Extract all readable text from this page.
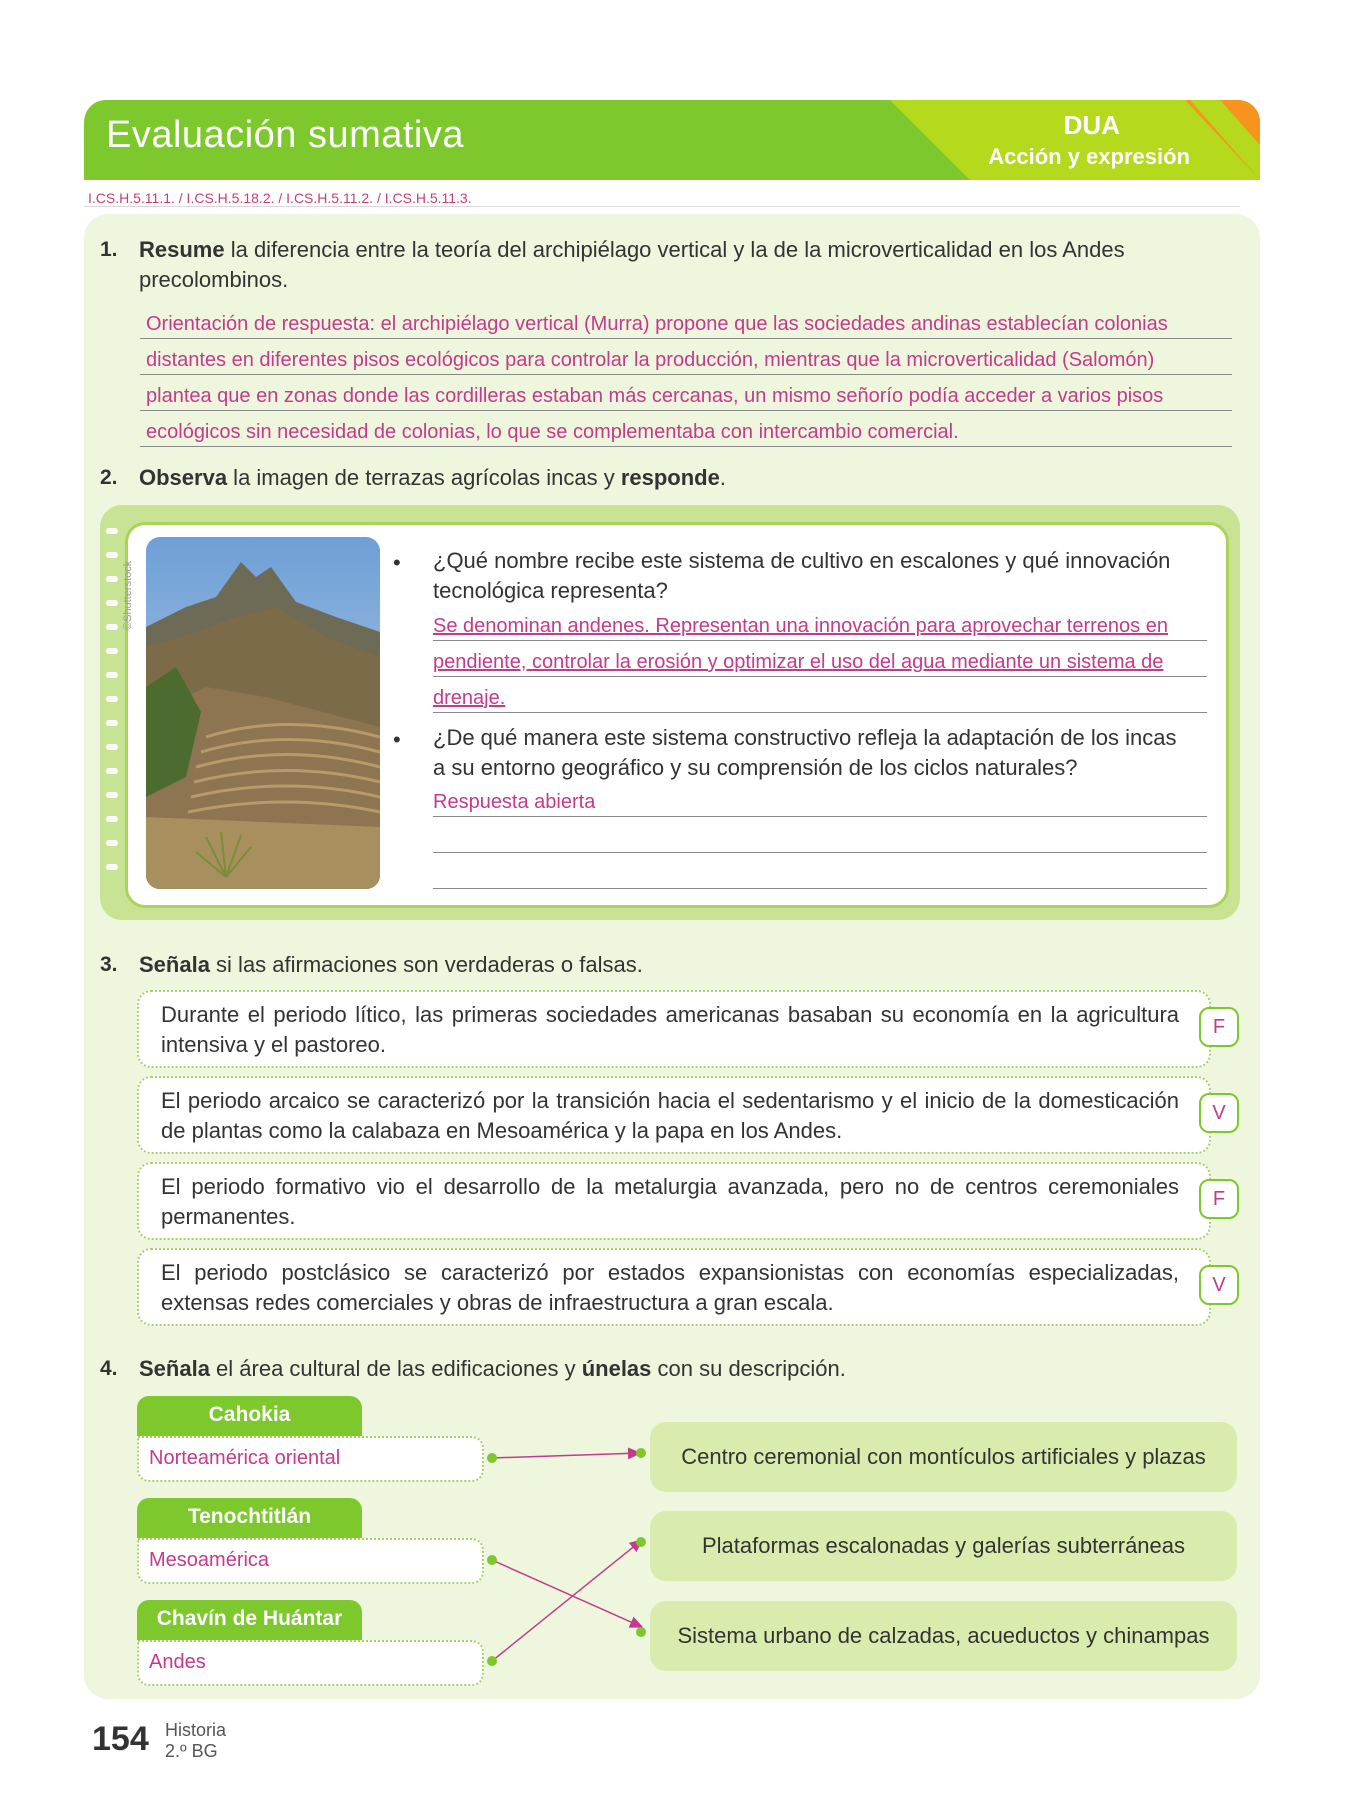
Evaluación sumativa	DUA
Acción y expresión
I.CS.H.5.11.1. / I.CS.H.5.18.2. / I.CS.H.5.11.2. / I.CS.H.5.11.3.
1. Resume la diferencia entre la teoría del archipiélago vertical y la de la microverticalidad en los Andes
precolombinos.
Orientación de respuesta: el archipiélago vertical (Murra) propone que las sociedades andinas establecían colonias
distantes en diferentes pisos ecológicos para controlar la producción, mientras que la microverticalidad (Salomón)
plantea que en zonas donde las cordilleras estaban más cercanas, un mismo señorío podía acceder a varios pisos
ecológicos sin necesidad de colonias, lo que se complementaba con intercambio comercial.
2. Observa la imagen de terrazas agrícolas incas y responde.
©Shutterstock	• ¿Qué nombre recibe este sistema de cultivo en escalones y qué innovación
tecnológica representa?
Se denominan andenes. Representan una innovación para aprovechar terrenos en
pendiente, controlar la erosión y optimizar el uso del agua mediante un sistema de
drenaje.
• ¿De qué manera este sistema constructivo refleja la adaptación de los incas
a su entorno geográfico y su comprensión de los ciclos naturales?
Respuesta abierta
3. Señala si las afirmaciones son verdaderas o falsas.
Durante el periodo lítico, las primeras sociedades americanas basaban su economía en la agricultura intensiva y el pastoreo.
F
El periodo arcaico se caracterizó por la transición hacia el sedentarismo y el inicio de la domesticación de plantas como la calabaza en Mesoamérica y la papa en los Andes.
V
El periodo formativo vio el desarrollo de la metalurgia avanzada, pero no de centros ceremoniales permanentes.
F
El periodo postclásico se caracterizó por estados expansionistas con economías especializadas, extensas redes comerciales y obras de infraestructura a gran escala.
V
4. Señala el área cultural de las edificaciones y únelas con su descripción.
Cahokia
Norteamérica oriental
Tenochtitlán
Mesoamérica
Chavín de Huántar
Andes
Centro ceremonial con montículos artificiales y plazas
Plataformas escalonadas y galerías subterráneas
Sistema urbano de calzadas, acueductos y chinampas
154 Historia
2.º BG
